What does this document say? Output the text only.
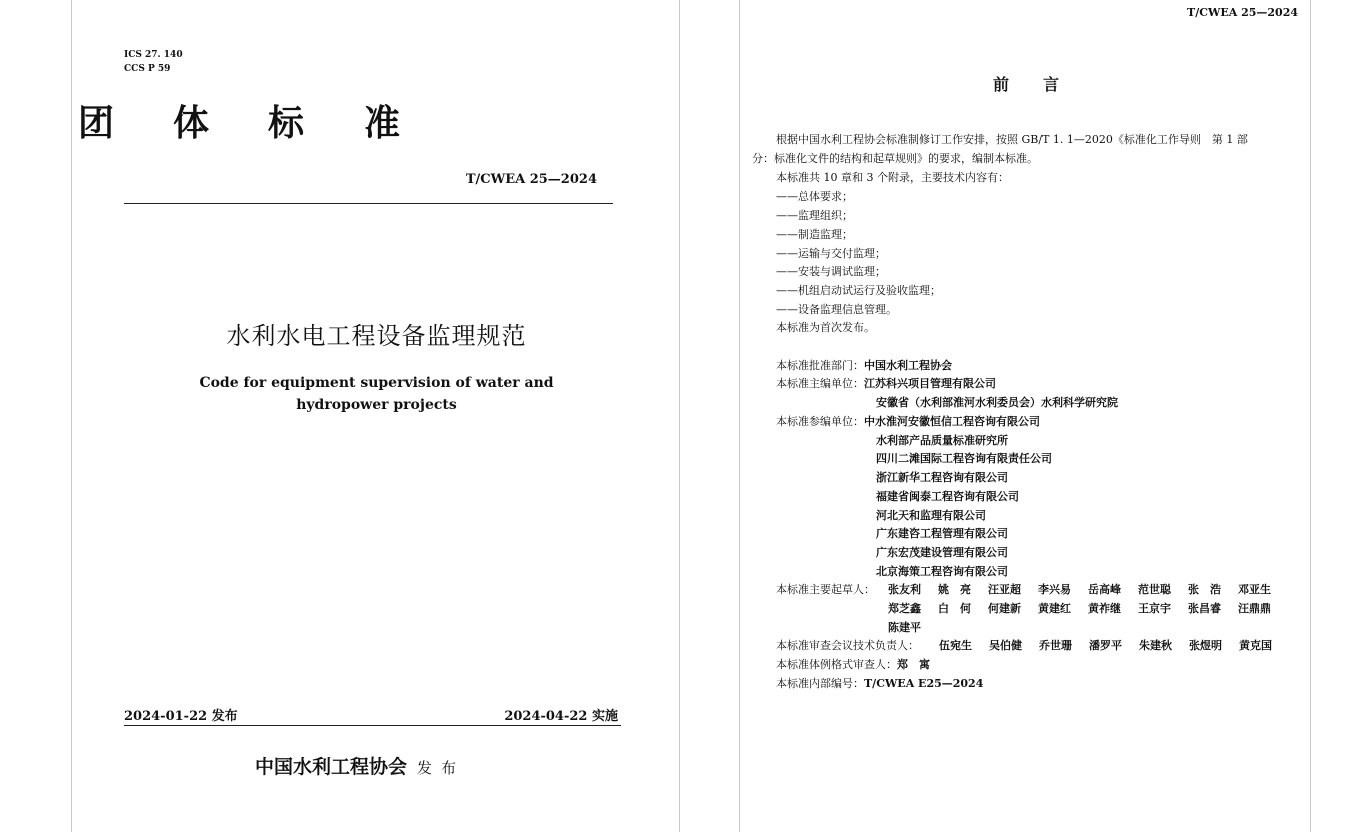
ICS 27. 140
CCS P 59
团 体 标 准
T/CWEA 25—2024
水利水电工程设备监理规范
Code for equipment supervision of water and
hydropower projects
2024-01-22 发布	2024-04-22 实施
中国水利工程协会 发布
T/CWEA 25—2024
前言
根据中国水利工程协会标准制修订工作安排，按照 GB/T 1. 1—2020《标准化工作导则　第 1 部
分：标准化文件的结构和起草规则》的要求，编制本标准。
本标准共 10 章和 3 个附录，主要技术内容有：
——总体要求；
——监理组织；
——制造监理；
——运输与交付监理；
——安装与调试监理；
——机组启动试运行及验收监理；
——设备监理信息管理。
本标准为首次发布。
本标准批准部门：中国水利工程协会
本标准主编单位：江苏科兴项目管理有限公司
安徽省（水利部淮河水利委员会）水利科学研究院
本标准参编单位：中水淮河安徽恒信工程咨询有限公司
水利部产品质量标准研究所
四川二滩国际工程咨询有限责任公司
浙江新华工程咨询有限公司
福建省闽泰工程咨询有限公司
河北天和监理有限公司
广东建咨工程管理有限公司
广东宏茂建设管理有限公司
北京海策工程咨询有限公司
本标准主要起草人： 张友利 姚　亮 汪亚超 李兴易 岳高峰 范世聪 张　浩 邓亚生
郑芝鑫 白　何 何建新 黄建红 黄祚继 王京宇 张昌睿 汪鼎鼎
陈建平
本标准审查会议技术负责人： 伍宛生 吴伯健 乔世珊 潘罗平 朱建秋 张煜明 黄克国
本标准体例格式审查人：郑　寓
本标准内部编号：T/CWEA E25—2024
